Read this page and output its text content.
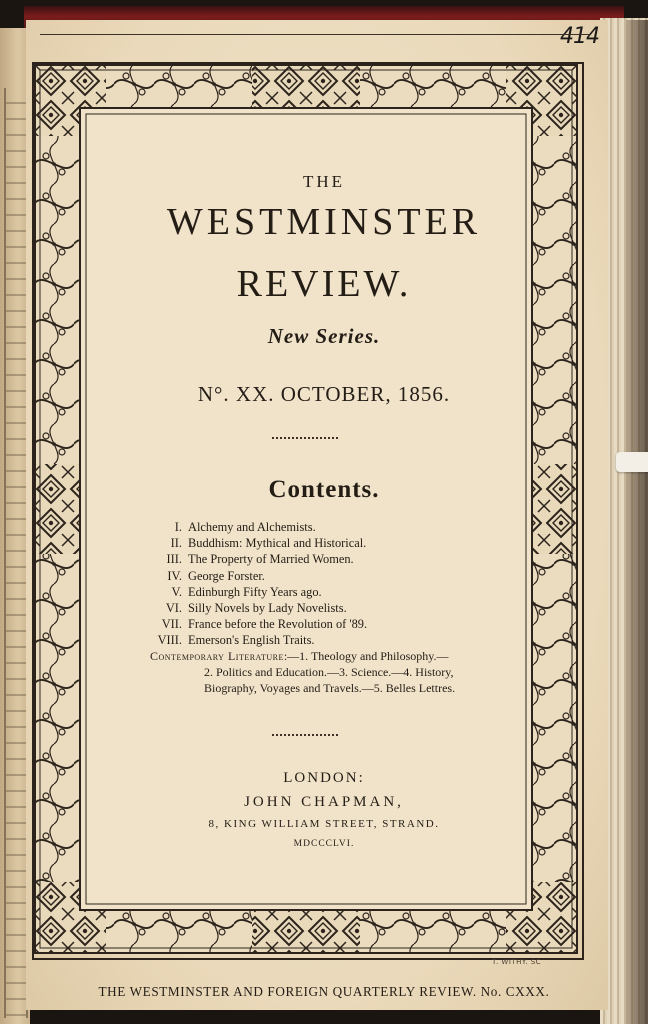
414
THE
WESTMINSTER
REVIEW.
New Series.
N°. XX. OCTOBER, 1856.
Contents.
I. Alchemy and Alchemists.
II. Buddhism: Mythical and Historical.
III. The Property of Married Women.
IV. George Forster.
V. Edinburgh Fifty Years ago.
VI. Silly Novels by Lady Novelists.
VII. France before the Revolution of '89.
VIII. Emerson's English Traits.
Contemporary Literature:—1. Theology and Philosophy.—
2. Politics and Education.—3. Science.—4. History,
Biography, Voyages and Travels.—5. Belles Lettres.
LONDON:
JOHN CHAPMAN,
8, KING WILLIAM STREET, STRAND.
MDCCCLVI.
T. WITHY. SC
THE WESTMINSTER AND FOREIGN QUARTERLY REVIEW. No. CXXX.
